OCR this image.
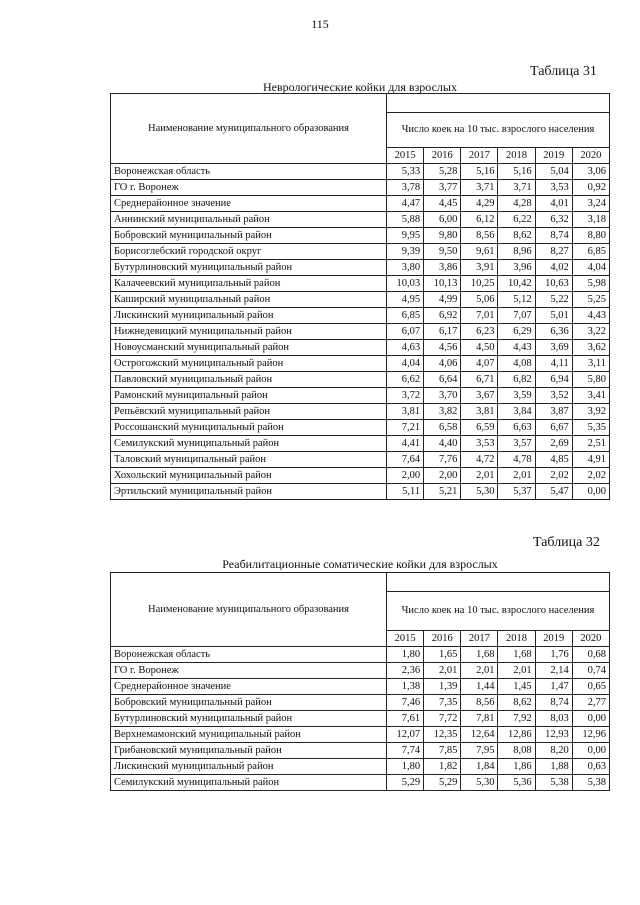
115
Таблица 31
Неврологические койки для взрослых
Наименование муниципального образования						
	Число коек на 10 тыс. взрослого населения					
	2015	2016	2017	2018	2019	2020
Воронежская область	5,33	5,28	5,16	5,16	5,04	3,06
ГО г. Воронеж	3,78	3,77	3,71	3,71	3,53	0,92
Среднерайонное значение	4,47	4,45	4,29	4,28	4,01	3,24
Аннинский муниципальный район	5,88	6,00	6,12	6,22	6,32	3,18
Бобровский муниципальный район	9,95	9,80	8,56	8,62	8,74	8,80
Борисоглебский городской округ	9,39	9,50	9,61	8,96	8,27	6,85
Бутурлиновский муниципальный район	3,80	3,86	3,91	3,96	4,02	4,04
Калачеевский муниципальный район	10,03	10,13	10,25	10,42	10,63	5,98
Каширский муниципальный район	4,95	4,99	5,06	5,12	5,22	5,25
Лискинский муниципальный район	6,85	6,92	7,01	7,07	5,01	4,43
Нижнедевицкий муниципальный район	6,07	6,17	6,23	6,29	6,36	3,22
Новоусманский муниципальный район	4,63	4,56	4,50	4,43	3,69	3,62
Острогожский муниципальный район	4,04	4,06	4,07	4,08	4,11	3,11
Павловский муниципальный район	6,62	6,64	6,71	6,82	6,94	5,80
Рамонский муниципальный район	3,72	3,70	3,67	3,59	3,52	3,41
Репьёвский муниципальный район	3,81	3,82	3,81	3,84	3,87	3,92
Россошанский муниципальный район	7,21	6,58	6,59	6,63	6,67	5,35
Семилукский муниципальный район	4,41	4,40	3,53	3,57	2,69	2,51
Таловский муниципальный район	7,64	7,76	4,72	4,78	4,85	4,91
Хохольский муниципальный район	2,00	2,00	2,01	2,01	2,02	2,02
Эртильский муниципальный район	5,11	5,21	5,30	5,37	5,47	0,00
Таблица 32
Реабилитационные соматические койки для взрослых
Наименование муниципального образования						
	Число коек на 10 тыс. взрослого населения					
	2015	2016	2017	2018	2019	2020
Воронежская область	1,80	1,65	1,68	1,68	1,76	0,68
ГО г. Воронеж	2,36	2,01	2,01	2,01	2,14	0,74
Среднерайонное значение	1,38	1,39	1,44	1,45	1,47	0,65
Бобровский муниципальный район	7,46	7,35	8,56	8,62	8,74	2,77
Бутурлиновский муниципальный район	7,61	7,72	7,81	7,92	8,03	0,00
Верхнемамонский муниципальный район	12,07	12,35	12,64	12,86	12,93	12,96
Грибановский муниципальный район	7,74	7,85	7,95	8,08	8,20	0,00
Лискинский муниципальный район	1,80	1,82	1,84	1,86	1,88	0,63
Семилукский муниципальный район	5,29	5,29	5,30	5,36	5,38	5,38
